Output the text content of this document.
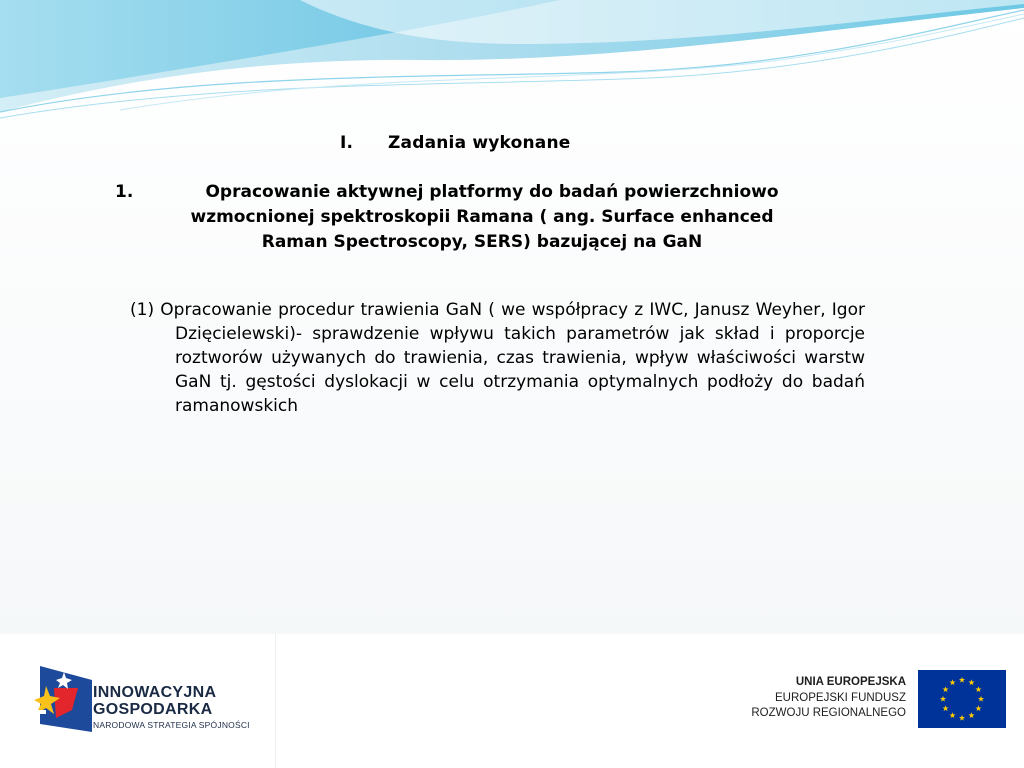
I. Zadania wykonane
1.	Opracowanie aktywnej platformy do badań powierzchniowo
wzmocnionej spektroskopii Ramana ( ang. Surface enhanced
Raman Spectroscopy, SERS) bazującej na GaN
(1) Opracowanie procedur trawienia GaN ( we współpracy z IWC, Janusz Weyher, Igor Dzięcielewski)- sprawdzenie wpływu takich parametrów jak skład i proporcje roztworów używanych do trawienia, czas trawienia, wpływ właściwości warstw GaN tj. gęstości dyslokacji w celu otrzymania optymalnych podłoży do badań ramanowskich
INNOWACYJNA
GOSPODARKA
NARODOWA STRATEGIA SPÓJNOŚCI
UNIA EUROPEJSKA
EUROPEJSKI FUNDUSZ
ROZWOJU REGIONALNEGO
